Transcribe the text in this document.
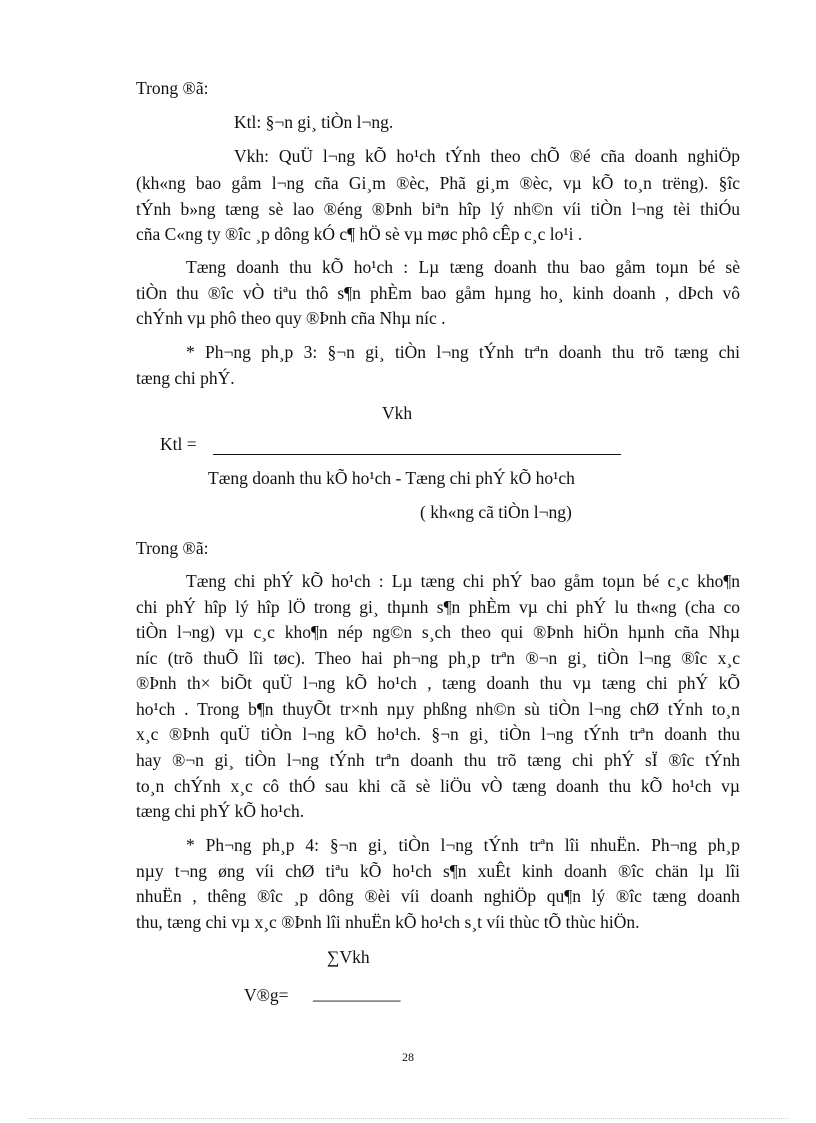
Trong ®ã:
Ktl: §¬n gi¸ tiÒn l¬ng.
Vkh: QuÜ l¬ng kÕ ho¹ch tÝnh theo chÕ ®é cña doanh nghiÖp
(kh«ng bao gåm l¬ng cña Gi¸m ®èc, Phã gi¸m ®èc, vµ kÕ to¸n trëng). §îc
tÝnh b»ng tæng sè lao ®éng ®Þnh biªn hîp lý nh©n víi tiÒn l¬ng tèi thiÓu
cña C«ng ty ®îc ¸p dông kÓ c¶ hÖ sè vµ møc phô cÊp c¸c lo¹i .
Tæng doanh thu kÕ ho¹ch : Lµ tæng doanh thu bao gåm toµn bé sè
tiÒn thu ®îc vÒ tiªu thô s¶n phÈm bao gåm hµng ho¸ kinh doanh , dÞch vô
chÝnh vµ phô theo quy ®Þnh cña Nhµ níc .
* Ph¬ng ph¸p 3: §¬n gi¸ tiÒn l¬ng tÝnh trªn doanh thu trõ tæng chi
tæng chi phÝ.
Vkh
Ktl =
Tæng doanh thu kÕ ho¹ch - Tæng chi phÝ kÕ ho¹ch
( kh«ng cã tiÒn l¬ng)
Trong ®ã:
Tæng chi phÝ kÕ ho¹ch : Lµ tæng chi phÝ bao gåm toµn bé c¸c kho¶n
chi phÝ hîp lý hîp lÖ trong gi¸ thµnh s¶n phÈm vµ chi phÝ lu th«ng (cha co
tiÒn l¬ng) vµ c¸c kho¶n nép ng©n s¸ch theo qui ®Þnh hiÖn hµnh cña Nhµ
níc (trõ thuÕ lîi tøc). Theo hai ph¬ng ph¸p trªn ®¬n gi¸ tiÒn l¬ng ®îc x¸c
®Þnh th× biÕt quÜ l¬ng kÕ ho¹ch , tæng doanh thu vµ tæng chi phÝ kÕ
ho¹ch . Trong b¶n thuyÕt tr×nh nµy phßng nh©n sù tiÒn l¬ng chØ tÝnh to¸n
x¸c ®Þnh quÜ tiÒn l¬ng kÕ ho¹ch. §¬n gi¸ tiÒn l¬ng tÝnh trªn doanh thu
hay ®¬n gi¸ tiÒn l¬ng tÝnh trªn doanh thu trõ tæng chi phÝ sÏ ®îc tÝnh
to¸n chÝnh x¸c cô thÓ sau khi cã sè liÖu vÒ tæng doanh thu kÕ ho¹ch vµ
tæng chi phÝ kÕ ho¹ch.
* Ph¬ng ph¸p 4: §¬n gi¸ tiÒn l¬ng tÝnh trªn lîi nhuËn. Ph¬ng ph¸p
nµy t¬ng øng víi chØ tiªu kÕ ho¹ch s¶n xuÊt kinh doanh ®îc chän lµ lîi
nhuËn , thêng ®îc ¸p dông ®èi víi doanh nghiÖp qu¶n lý ®îc tæng doanh
thu, tæng chi vµ x¸c ®Þnh lîi nhuËn kÕ ho¹ch s¸t víi thùc tÕ thùc hiÖn.
∑Vkh
V®g= __________
28
